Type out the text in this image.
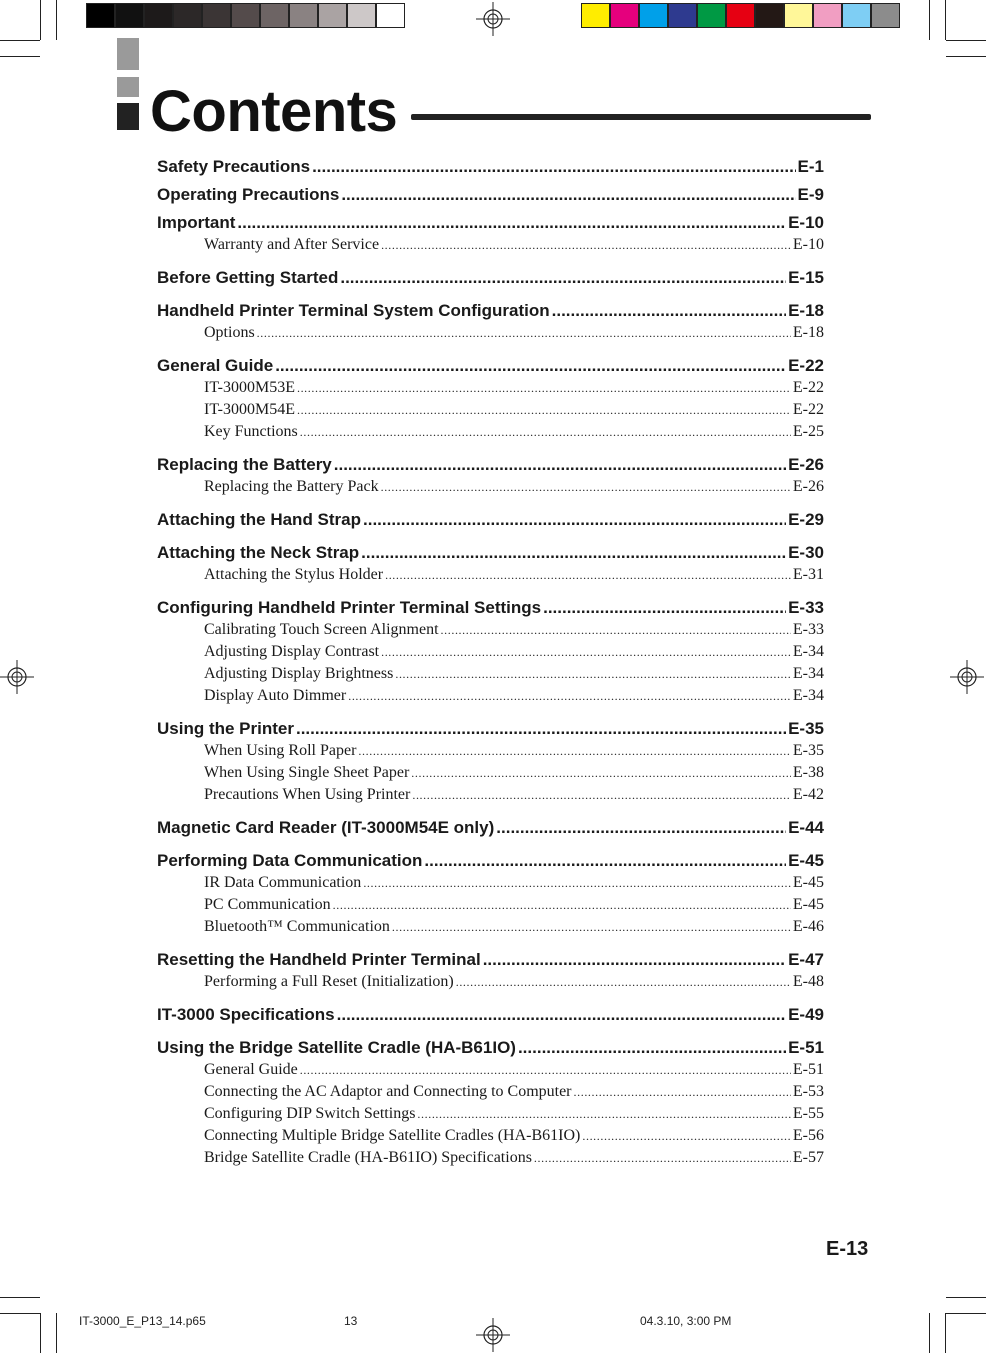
Contents
Safety Precautions .....	E-1
Operating Precautions .....	E-9
Important .....	E-10
Warranty and After Service .....	E-10
Before Getting Started .....	E-15
Handheld Printer Terminal System Configuration .....	E-18
Options .....	E-18
General Guide .....	E-22
IT-3000M53E .....	E-22
IT-3000M54E .....	E-22
Key Functions .....	E-25
Replacing the Battery .....	E-26
Replacing the Battery Pack .....	E-26
Attaching the Hand Strap .....	E-29
Attaching the Neck Strap .....	E-30
Attaching the Stylus Holder .....	E-31
Configuring Handheld Printer Terminal Settings .....	E-33
Calibrating Touch Screen Alignment .....	E-33
Adjusting Display Contrast .....	E-34
Adjusting Display Brightness .....	E-34
Display Auto Dimmer .....	E-34
Using the Printer .....	E-35
When Using Roll Paper .....	E-35
When Using Single Sheet Paper .....	E-38
Precautions When Using Printer .....	E-42
Magnetic Card Reader (IT-3000M54E only) .....	E-44
Performing Data Communication .....	E-45
IR Data Communication .....	E-45
PC Communication .....	E-45
Bluetooth™ Communication .....	E-46
Resetting the Handheld Printer Terminal .....	E-47
Performing a Full Reset (Initialization) .....	E-48
IT-3000 Specifications .....	E-49
Using the Bridge Satellite Cradle (HA-B61IO) .....	E-51
General Guide .....	E-51
Connecting the AC Adaptor and Connecting to Computer .....	E-53
Configuring DIP Switch Settings .....	E-55
Connecting Multiple Bridge Satellite Cradles (HA-B61IO) .....	E-56
Bridge Satellite Cradle (HA-B61IO) Specifications .....	E-57
E-13
IT-3000_E_P13_14.p65	13	04.3.10, 3:00 PM
